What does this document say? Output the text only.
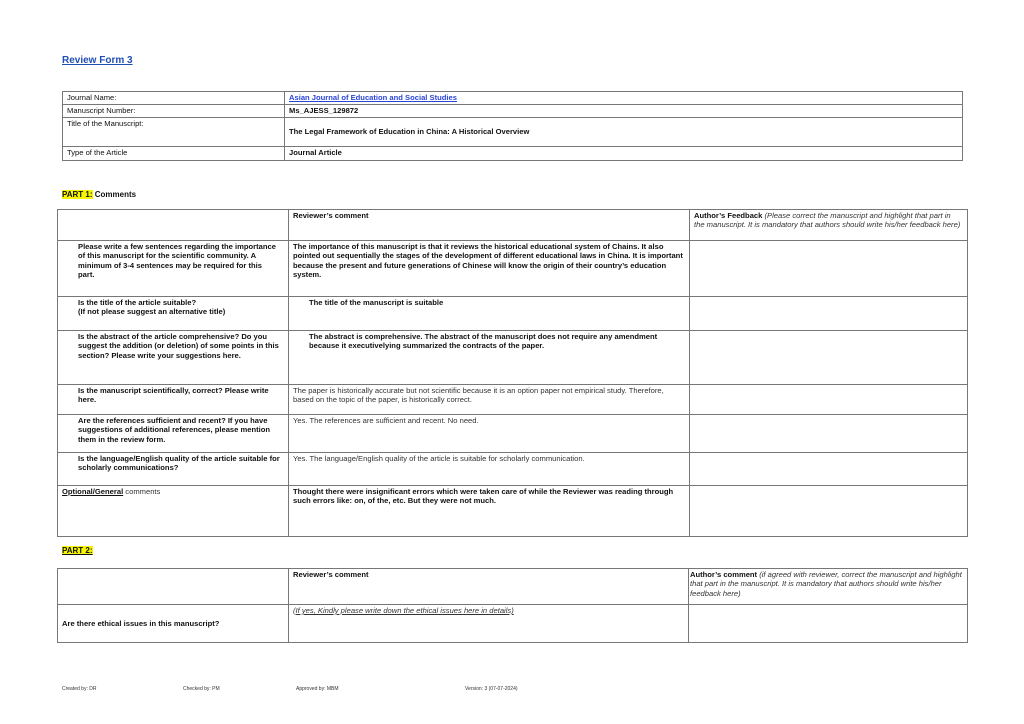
Review Form 3
Journal Name:	Asian Journal of Education and Social Studies
Manuscript Number:	Ms_AJESS_129872
Title of the Manuscript:	The Legal Framework of Education in China: A Historical Overview
Type of the Article	Journal Article
PART 1: Comments
	Reviewer’s comment	Author’s Feedback (Please correct the manuscript and highlight that part in the manuscript. It is mandatory that authors should write his/her feedback here)
Please write a few sentences regarding the importance of this manuscript for the scientific community. A minimum of 3-4 sentences may be required for this part.	The importance of this manuscript is that it reviews the historical educational system of Chains. It also pointed out sequentially the stages of the development of different educational laws in China. It is important because the present and future generations of Chinese will know the origin of their country’s education system.	
Is the title of the article suitable?
(If not please suggest an alternative title)	The title of the manuscript is suitable	
Is the abstract of the article comprehensive? Do you suggest the addition (or deletion) of some points in this section? Please write your suggestions here.	The abstract is comprehensive. The abstract of the manuscript does not require any amendment because it executivelying summarized the contracts of the paper.	
Is the manuscript scientifically, correct? Please write here.	The paper is historically accurate but not scientific because it is an option paper not empirical study. Therefore, based on the topic of the paper, is historically correct.	
Are the references sufficient and recent? If you have suggestions of additional references, please mention them in the review form.	Yes. The references are sufficient and recent. No need.	
Is the language/English quality of the article suitable for scholarly communications?	Yes. The language/English quality of the article is suitable for scholarly communication.	
Optional/General comments	Thought there were insignificant errors which were taken care of while the Reviewer was reading through such errors like: on, of the, etc. But they were not much.	
PART 2:
	Reviewer’s comment	Author’s comment (if agreed with reviewer, correct the manuscript and highlight that part in the manuscript. It is mandatory that authors should write his/her feedback here)
Are there ethical issues in this manuscript?	(If yes, Kindly please write down the ethical issues here in details)	
Created by: DR	Checked by: PM	Approved by: MBM	Version: 3 (07-07-2024)
